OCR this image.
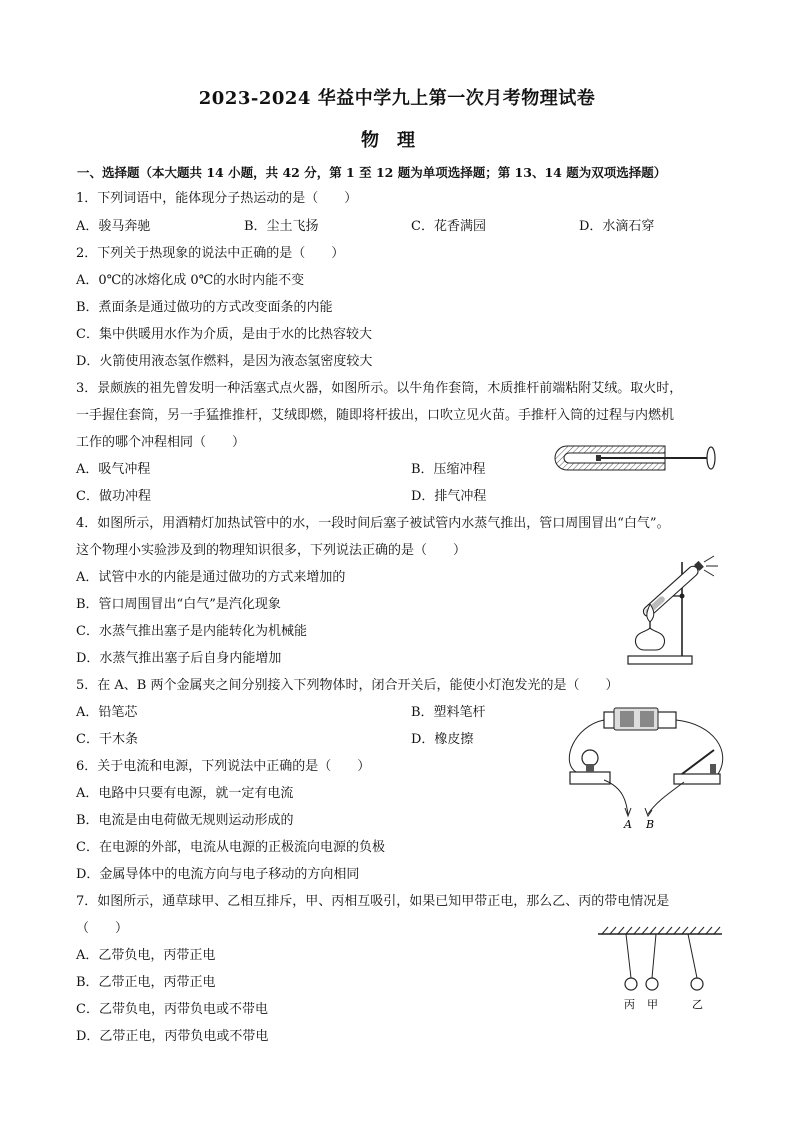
2023-2024 华益中学九上第一次月考物理试卷
物理
一、选择题（本大题共 14 小题，共 42 分，第 1 至 12 题为单项选择题；第 13、14 题为双项选择题）
1．下列词语中，能体现分子热运动的是（　　）
A．骏马奔驰	B．尘土飞扬	C．花香满园	D．水滴石穿
2．下列关于热现象的说法中正确的是（　　）
A．0℃的冰熔化成 0℃的水时内能不变
B．煮面条是通过做功的方式改变面条的内能
C．集中供暖用水作为介质，是由于水的比热容较大
D．火箭使用液态氢作燃料，是因为液态氢密度较大
3．景颇族的祖先曾发明一种活塞式点火器，如图所示。以牛角作套筒，木质推杆前端粘附艾绒。取火时，
一手握住套筒，另一手猛推推杆，艾绒即燃，随即将杆拔出，口吹立见火苗。手推杆入筒的过程与内燃机
工作的哪个冲程相同（　　）
A．吸气冲程	B．压缩冲程
C．做功冲程	D．排气冲程
4．如图所示，用酒精灯加热试管中的水，一段时间后塞子被试管内水蒸气推出，管口周围冒出“白气”。
这个物理小实验涉及到的物理知识很多，下列说法正确的是（　　）
A．试管中水的内能是通过做功的方式来增加的
B．管口周围冒出“白气”是汽化现象
C．水蒸气推出塞子是内能转化为机械能
D．水蒸气推出塞子后自身内能增加
5．在 A、B 两个金属夹之间分别接入下列物体时，闭合开关后，能使小灯泡发光的是（　　）
A．铅笔芯	B．塑料笔杆
C．干木条	D．橡皮擦
A B
6．关于电流和电源，下列说法中正确的是（　　）
A．电路中只要有电源，就一定有电流
B．电流是由电荷做无规则运动形成的
C．在电源的外部，电流从电源的正极流向电源的负极
D．金属导体中的电流方向与电子移动的方向相同
7．如图所示，通草球甲、乙相互排斥，甲、丙相互吸引，如果已知甲带正电，那么乙、丙的带电情况是
（　　）
A．乙带负电，丙带正电
B．乙带正电，丙带正电
C．乙带负电，丙带负电或不带电
D．乙带正电，丙带负电或不带电
丙 甲	乙
